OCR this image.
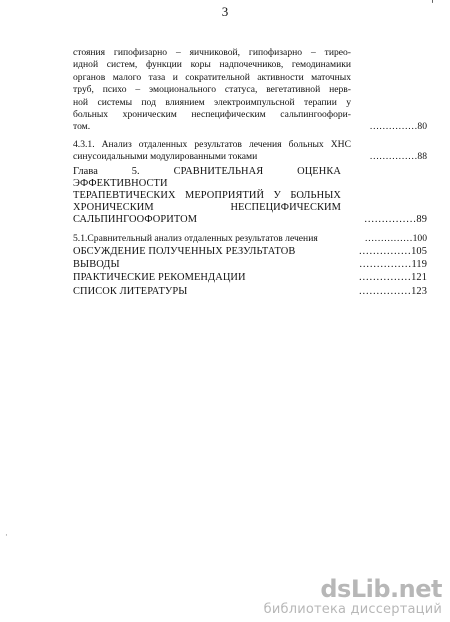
'
3
стояния гипофизарно – яичниковой, гипофизарно – тирео-
идной систем, функции коры надпочечников, гемодинамики
органов малого таза и сократительной активности маточных
труб, психо – эмоционального статуса, вегетативной нерв-
ной системы под влиянием электроимпульсной терапии у
больных хроническим неспецифическим сальпингоофори-
том.	……………80
4.3.1. Анализ отдаленных результатов лечения больных ХНС
синусоидальными модулированными токами	……………88
Глава 5. СРАВНИТЕЛЬНАЯ ОЦЕНКА ЭФФЕКТИВНОСТИ
ТЕРАПЕВТИЧЕСКИХ МЕРОПРИЯТИЙ У БОЛЬНЫХ
ХРОНИЧЕСКИМ НЕСПЕЦИФИЧЕСКИМ
САЛЬПИНГООФОРИТОМ	……………89
5.1.Сравнительный анализ отдаленных результатов лечения	……………100
ОБСУЖДЕНИЕ ПОЛУЧЕННЫХ РЕЗУЛЬТАТОВ	……………105
ВЫВОДЫ	……………119
ПРАКТИЧЕСКИЕ РЕКОМЕНДАЦИИ	……………121
СПИСОК ЛИТЕРАТУРЫ	……………123
·
dsLib.net
библиотека диссертаций
